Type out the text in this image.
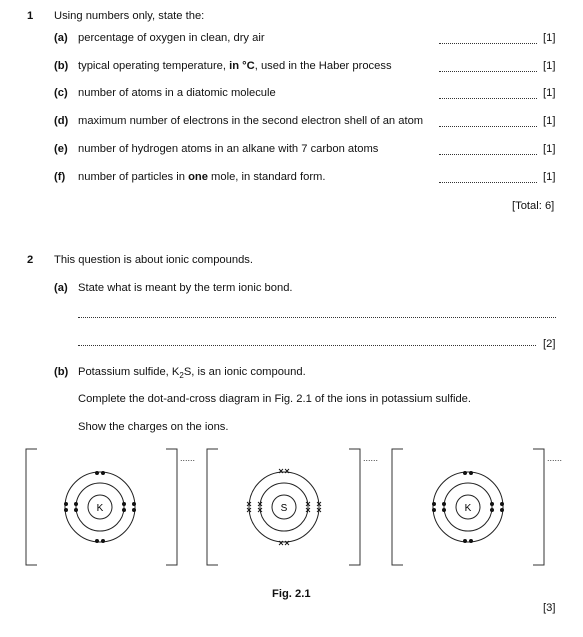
1 Using numbers only, state the:
(a) percentage of oxygen in clean, dry air	[1]
(b) typical operating temperature, in °C, used in the Haber process	[1]
(c) number of atoms in a diatomic molecule	[1]
(d) maximum number of electrons in the second electron shell of an atom	[1]
(e) number of hydrogen atoms in an alkane with 7 carbon atoms	[1]
(f) number of particles in one mole, in standard form.	[1]
[Total: 6]
2 This question is about ionic compounds.
(a) State what is meant by the term ionic bond.
[2]
(b) Potassium sulfide, $K_2S$, is an ionic compound.
Complete the dot-and-cross diagram in Fig. 2.1 of the ions in potassium sulfide.
Show the charges on the ions.
......
K
......
S
......
K
Fig. 2.1
[3]
